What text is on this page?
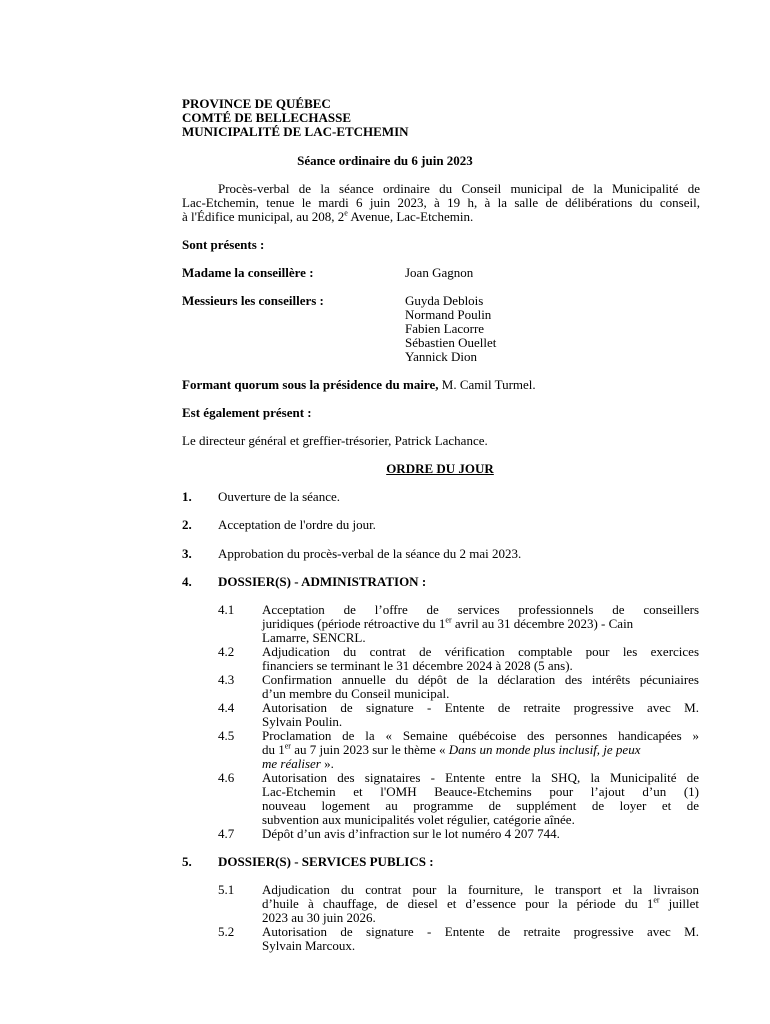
PROVINCE DE QUÉBEC
COMTÉ DE BELLECHASSE
MUNICIPALITÉ DE LAC-ETCHEMIN
Séance ordinaire du 6 juin 2023
Procès-verbal de la séance ordinaire du Conseil municipal de la Municipalité de
Lac-Etchemin, tenue le mardi 6 juin 2023, à 19 h, à la salle de délibérations du conseil,
à l'Édifice municipal, au 208, 2e Avenue, Lac-Etchemin.
Sont présents :
Madame la conseillère :	Joan Gagnon
Messieurs les conseillers :	Guyda Deblois
Normand Poulin
Fabien Lacorre
Sébastien Ouellet
Yannick Dion
Formant quorum sous la présidence du maire, M. Camil Turmel.
Est également présent :
Le directeur général et greffier-trésorier, Patrick Lachance.
ORDRE DU JOUR
1. Ouverture de la séance.
2. Acceptation de l'ordre du jour.
3. Approbation du procès-verbal de la séance du 2 mai 2023.
4. DOSSIER(S) - ADMINISTRATION :
4.1 Acceptation de l’offre de services professionnels de conseillers
juridiques (période rétroactive du 1er avril au 31 décembre 2023) - Cain
Lamarre, SENCRL.
4.2 Adjudication du contrat de vérification comptable pour les exercices
financiers se terminant le 31 décembre 2024 à 2028 (5 ans).
4.3 Confirmation annuelle du dépôt de la déclaration des intérêts pécuniaires
d’un membre du Conseil municipal.
4.4 Autorisation de signature - Entente de retraite progressive avec M.
Sylvain Poulin.
4.5 Proclamation de la « Semaine québécoise des personnes handicapées »
du 1er au 7 juin 2023 sur le thème « Dans un monde plus inclusif, je peux
me réaliser ».
4.6 Autorisation des signataires - Entente entre la SHQ, la Municipalité de
Lac-Etchemin et l'OMH Beauce-Etchemins pour l’ajout d’un (1)
nouveau logement au programme de supplément de loyer et de
subvention aux municipalités volet régulier, catégorie aînée.
4.7 Dépôt d’un avis d’infraction sur le lot numéro 4 207 744.
5. DOSSIER(S) - SERVICES PUBLICS :
5.1 Adjudication du contrat pour la fourniture, le transport et la livraison
d’huile à chauffage, de diesel et d’essence pour la période du 1er juillet
2023 au 30 juin 2026.
5.2 Autorisation de signature - Entente de retraite progressive avec M.
Sylvain Marcoux.
